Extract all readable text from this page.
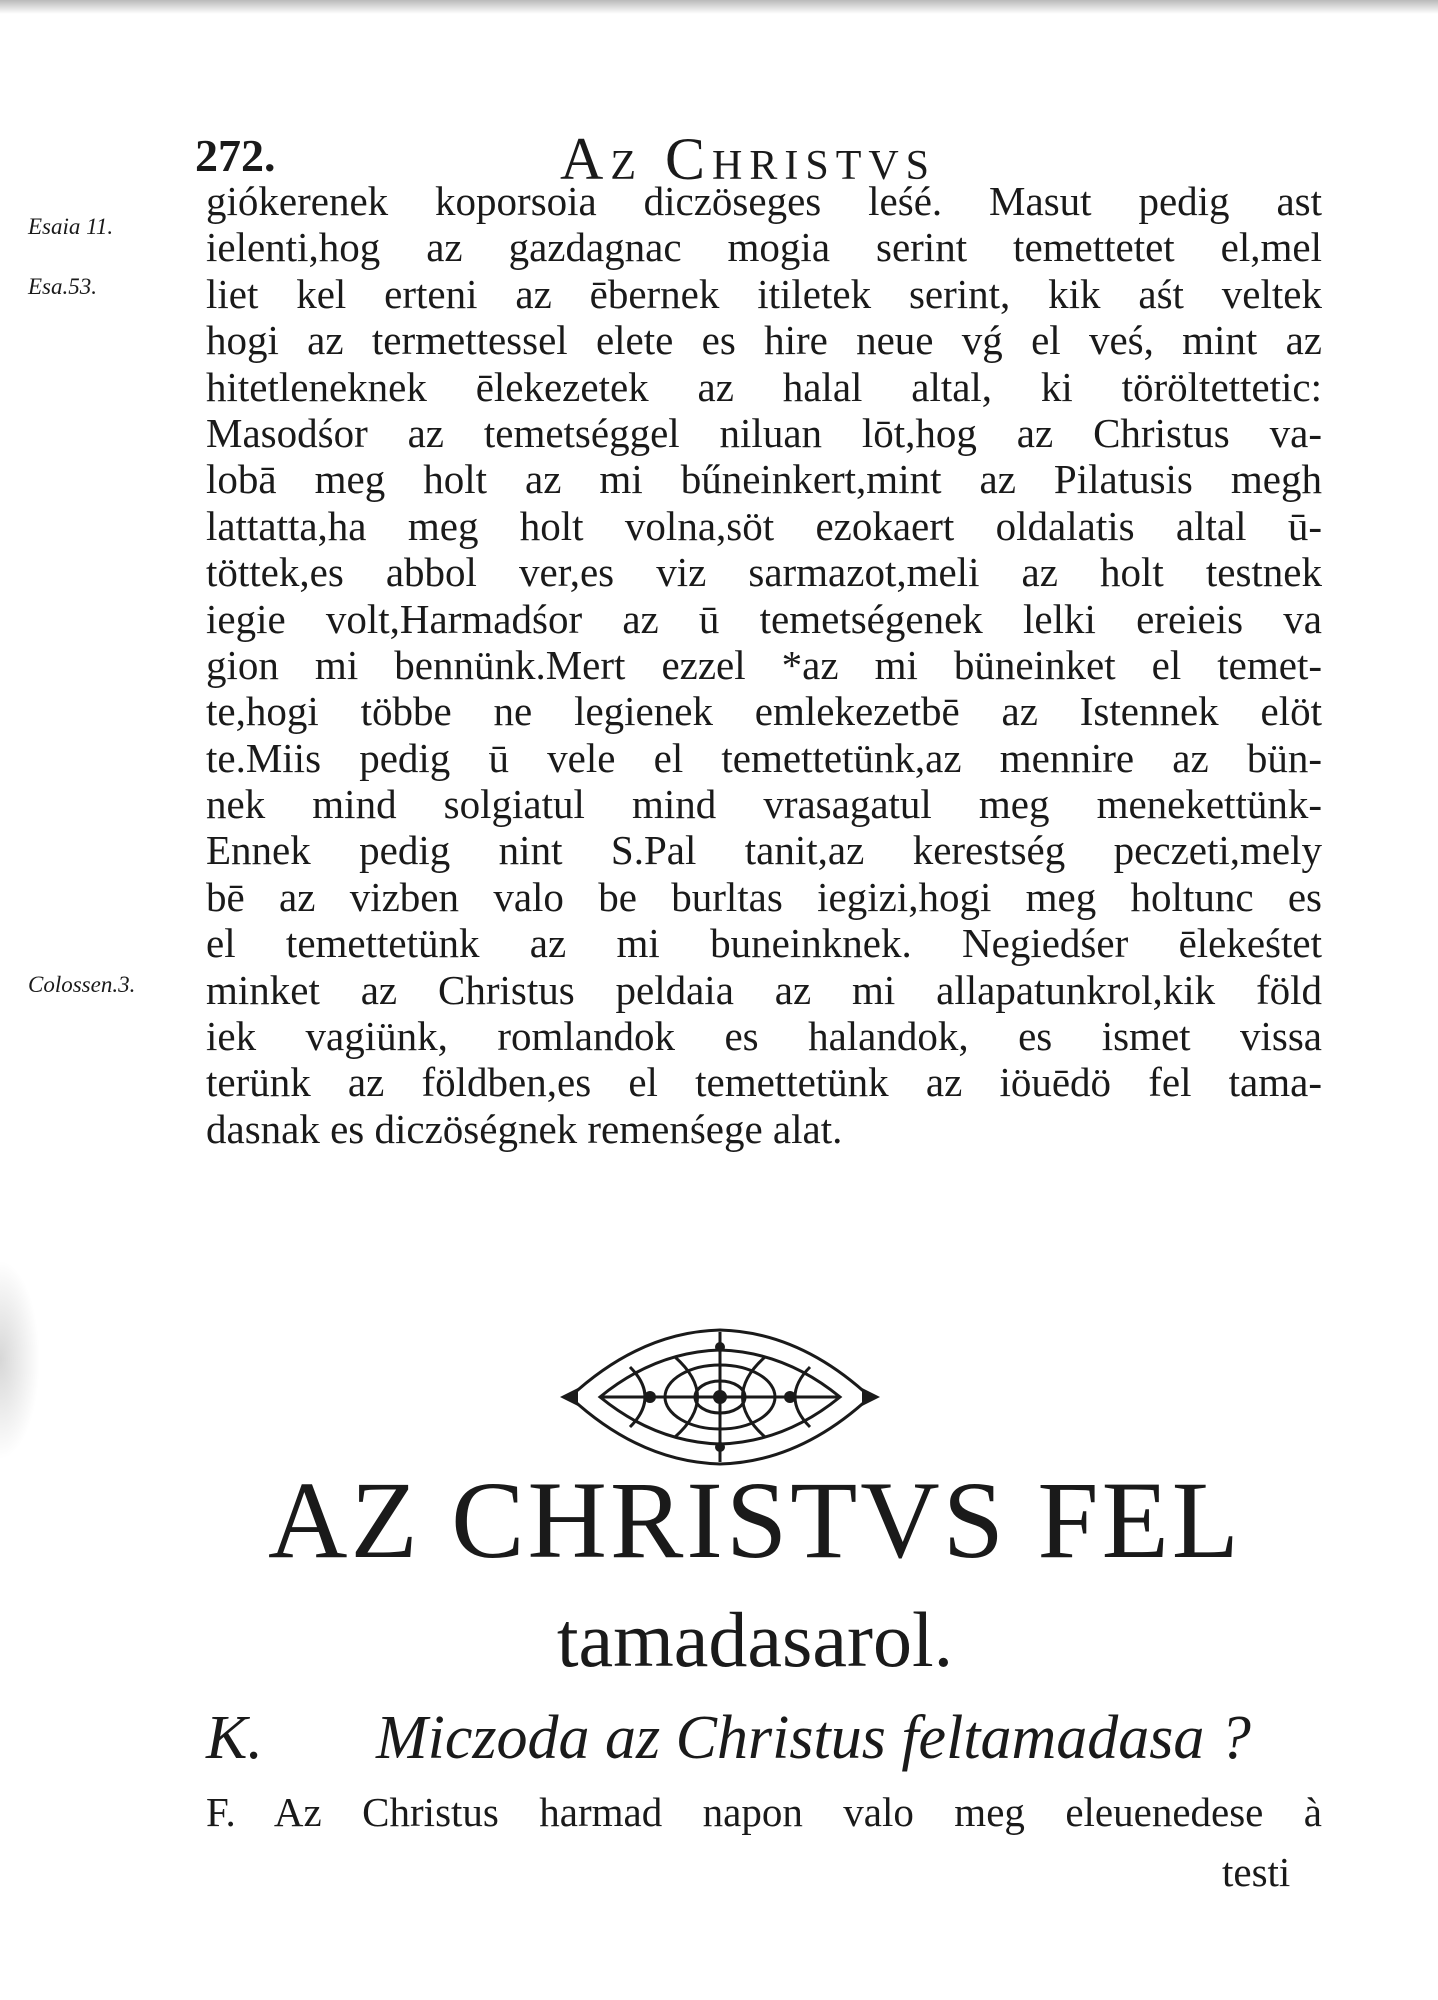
272.	Az Christvs
Esaia 11.
Esa.53.
Colossen.3.
giókerenek koporsoia diczöseges leśé. Masut pedig ast
ielenti,hog az gazdagnac mogia serint temettetet el,mel
liet kel erteni az ēbernek itiletek serint, kik aśt veltek
hogi az termettessel elete es hire neue vǵ el veś, mint az
hitetleneknek ēlekezetek az halal altal, ki töröltettetic:
Masodśor az temetséggel niluan lōt,hog az Christus va-
lobā meg holt az mi bűneinkert,mint az Pilatusis megh
lattatta,ha meg holt volna,söt ezokaert oldalatis altal ū-
töttek,es abbol ver,es viz sarmazot,meli az holt testnek
iegie volt,Harmadśor az ū temetségenek lelki ereieis va
gion mi bennünk.Mert ezzel *az mi büneinket el temet-
te,hogi többe ne legienek emlekezetbē az Istennek elöt
te.Miis pedig ū vele el temettetünk,az mennire az bün-
nek mind solgiatul mind vrasagatul meg menekettünk-
Ennek pedig nint S.Pal tanit,az kerestség peczeti,mely
bē az vizben valo be burltas iegizi,hogi meg holtunc es
el temettetünk az mi buneinknek. Negiedśer ēlekeśtet
minket az Christus peldaia az mi allapatunkrol,kik föld
iek vagiünk, romlandok es halandok, es ismet vissa
terünk az földben,es el temettetünk az iöuēdö fel tama-
dasnak es diczöségnek remenśege alat.
AZ CHRISTVS FEL
tamadasarol.
K. Miczoda az Christus feltamadasa ?
F. Az Christus harmad napon valo meg eleuenedese à
testi
